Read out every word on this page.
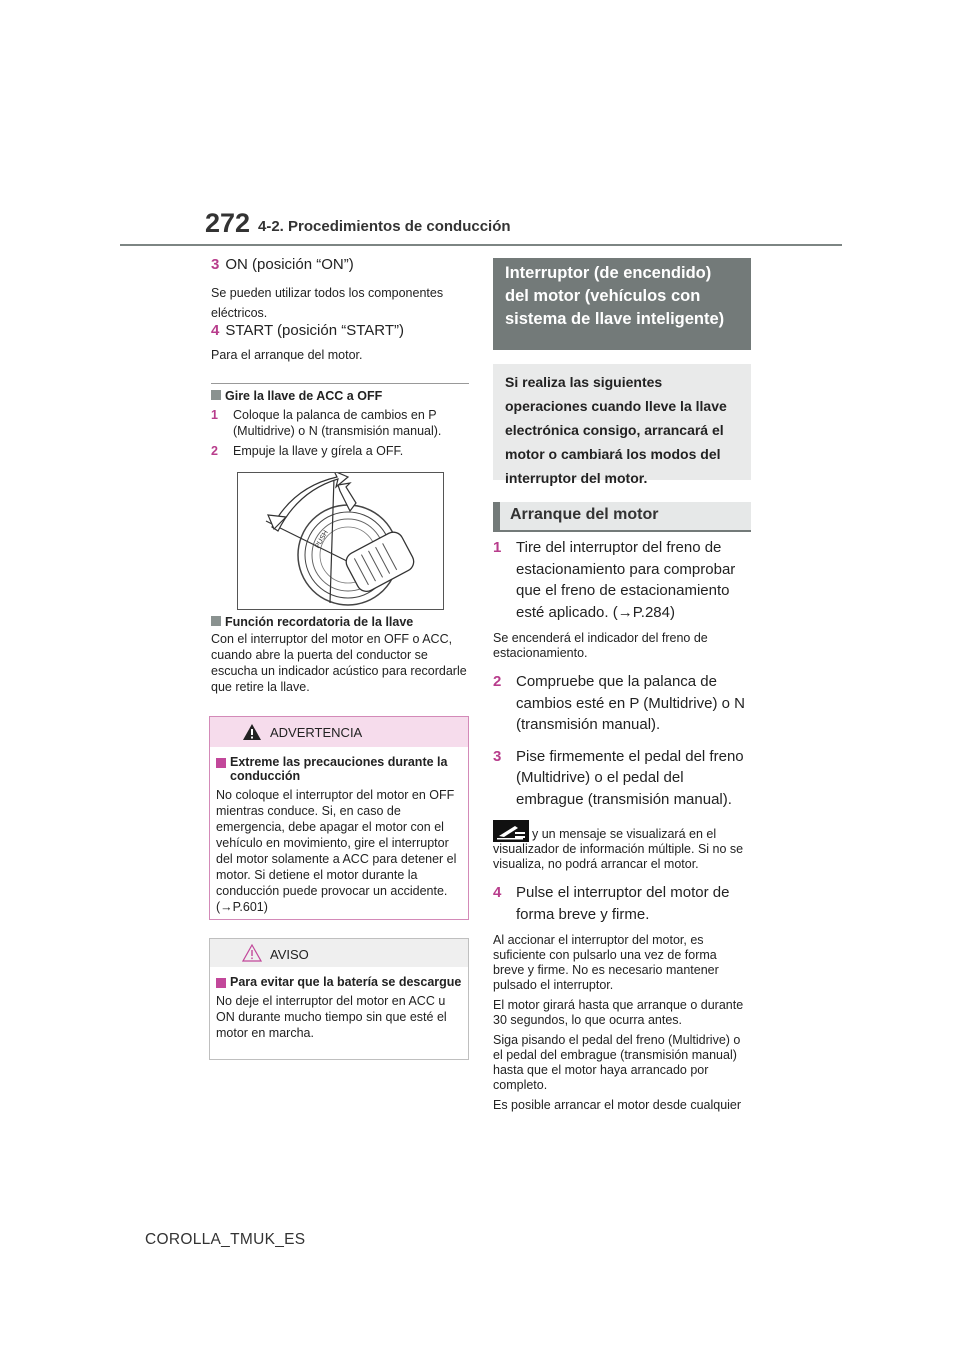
272 4-2. Procedimientos de conducción
3 ON (posición “ON”)
Se pueden utilizar todos los componentes eléctricos.
4 START (posición “START”)
Para el arranque del motor.
Gire la llave de ACC a OFF
1	Coloque la palanca de cambios en P (Multidrive) o N (transmisión manual).
2	Empuje la llave y gírela a OFF.
PUSH
Función recordatoria de la llave
Con el interruptor del motor en OFF o ACC, cuando abre la puerta del conductor se escucha un indicador acústico para recordarle que retire la llave.
ADVERTENCIA
Extreme las precauciones durante la conducción
No coloque el interruptor del motor en OFF mientras conduce. Si, en caso de emergencia, debe apagar el motor con el vehículo en movimiento, gire el interruptor del motor solamente a ACC para detener el motor. Si detiene el motor durante la conducción puede provocar un accidente. (→P.601)
AVISO
Para evitar que la batería se descargue
No deje el interruptor del motor en ACC u ON durante mucho tiempo sin que esté el motor en marcha.
Interruptor (de encendido) del motor (vehículos con sistema de llave inteligente)
Si realiza las siguientes operaciones cuando lleve la llave electrónica consigo, arrancará el motor o cambiará los modos del interruptor del motor.
Arranque del motor
1 Tire del interruptor del freno de estacionamiento para comprobar que el freno de estacionamiento esté aplicado. (→P.284)
Se encenderá el indicador del freno de estacionamiento.
2 Compruebe que la palanca de cambios esté en P (Multidrive) o N (transmisión manual).
3 Pise firmemente el pedal del freno (Multidrive) o el pedal del embrague (transmisión manual).
y un mensaje se visualizará en el visualizador de información múltiple. Si no se visualiza, no podrá arrancar el motor.
4 Pulse el interruptor del motor de forma breve y firme.
Al accionar el interruptor del motor, es suficiente con pulsarlo una vez de forma breve y firme. No es necesario mantener pulsado el interruptor.
El motor girará hasta que arranque o durante 30 segundos, lo que ocurra antes.
Siga pisando el pedal del freno (Multidrive) o el pedal del embrague (transmisión manual) hasta que el motor haya arrancado por completo.
Es posible arrancar el motor desde cualquier
COROLLA_TMUK_ES
